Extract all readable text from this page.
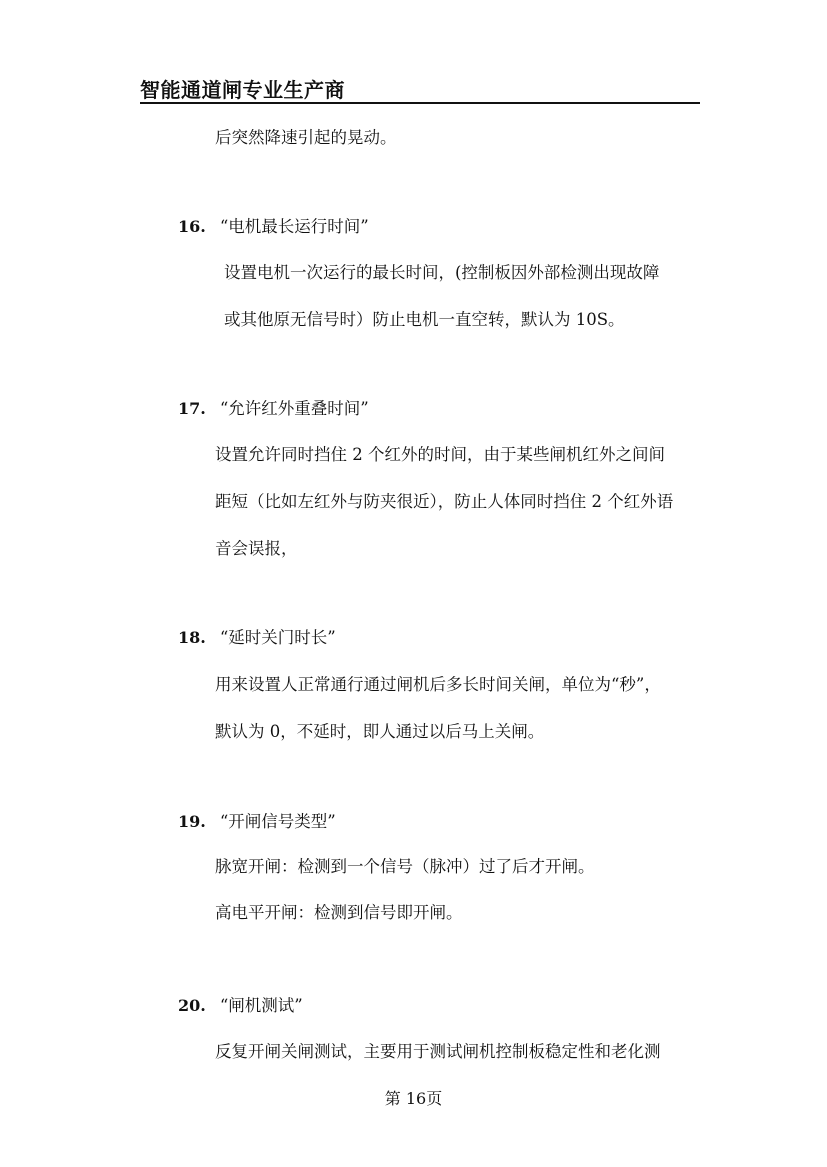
智能通道闸专业生产商
后突然降速引起的晃动。
16. “电机最长运行时间”
设置电机一次运行的最长时间，(控制板因外部检测出现故障
或其他原无信号时）防止电机一直空转，默认为 10S。
17. “允许红外重叠时间”
设置允许同时挡住 2 个红外的时间，由于某些闸机红外之间间
距短（比如左红外与防夹很近），防止人体同时挡住 2 个红外语
音会误报，
18. “延时关门时长”
用来设置人正常通行通过闸机后多长时间关闸，单位为“秒”，
默认为 0，不延时，即人通过以后马上关闸。
19. “开闸信号类型”
脉宽开闸：检测到一个信号（脉冲）过了后才开闸。
高电平开闸：检测到信号即开闸。
20. “闸机测试”
反复开闸关闸测试，主要用于测试闸机控制板稳定性和老化测
第 16页
